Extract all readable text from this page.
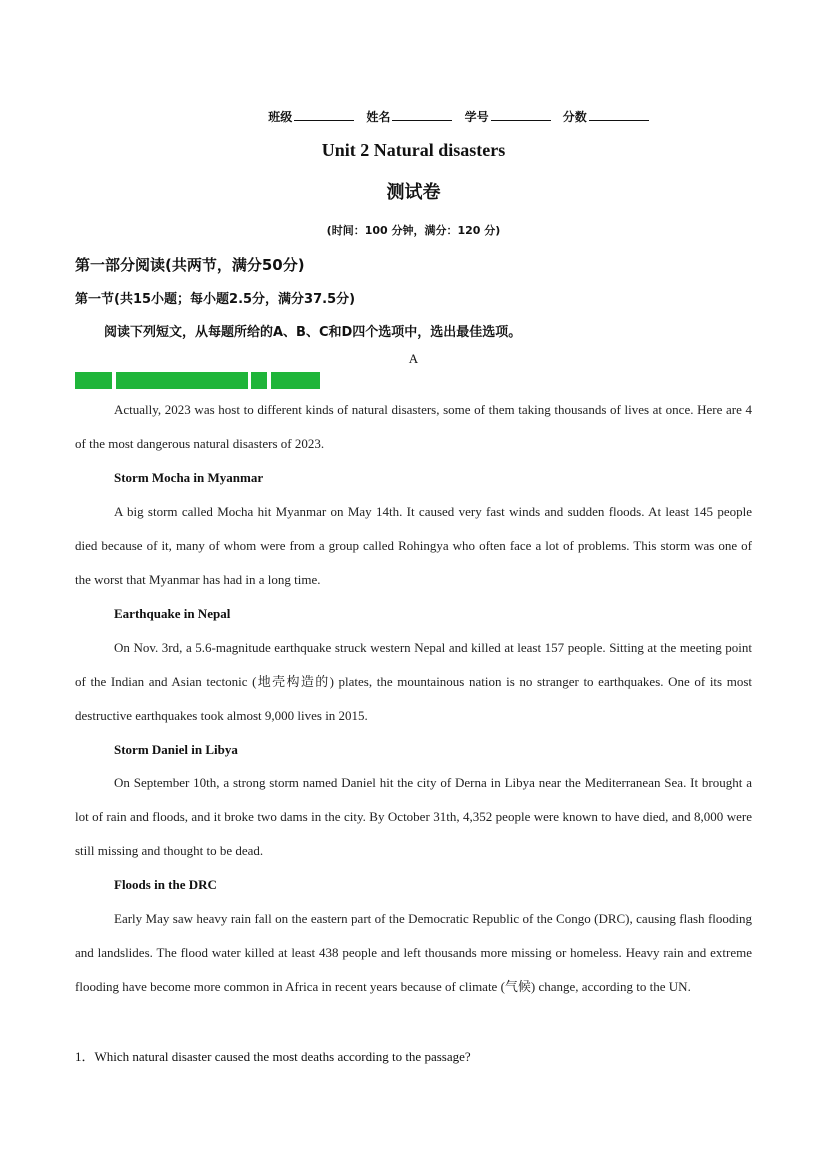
班级	姓名	学号	分数
Unit 2 Natural disasters
测试卷
(时间：100 分钟，满分：120 分)
第一部分阅读(共两节，满分50分)
第一节(共15小题；每小题2.5分，满分37.5分)
阅读下列短文，从每题所给的A、B、C和D四个选项中，选出最佳选项。
A

Actually, 2023 was host to different kinds of natural disasters, some of them taking thousands of lives at once. Here are 4 of the most dangerous natural disasters of 2023.

Storm Mocha in Myanmar

A big storm called Mocha hit Myanmar on May 14th. It caused very fast winds and sudden floods. At least 145 people died because of it, many of whom were from a group called Rohingya who often face a lot of problems. This storm was one of the worst that Myanmar has had in a long time.

Earthquake in Nepal

On Nov. 3rd, a 5.6-magnitude earthquake struck western Nepal and killed at least 157 people. Sitting at the meeting point of the Indian and Asian tectonic (地壳构造的) plates, the mountainous nation is no stranger to earthquakes. One of its most destructive earthquakes took almost 9,000 lives in 2015.

Storm Daniel in Libya

On September 10th, a strong storm named Daniel hit the city of Derna in Libya near the Mediterranean Sea. It brought a lot of rain and floods, and it broke two dams in the city. By October 31th, 4,352 people were known to have died, and 8,000 were still missing and thought to be dead.

Floods in the DRC

Early May saw heavy rain fall on the eastern part of the Democratic Republic of the Congo (DRC), causing flash flooding and landslides. The flood water killed at least 438 people and left thousands more missing or homeless. Heavy rain and extreme flooding have become more common in Africa in recent years because of climate (气候) change, according to the UN.

1．Which natural disaster caused the most deaths according to the passage?
